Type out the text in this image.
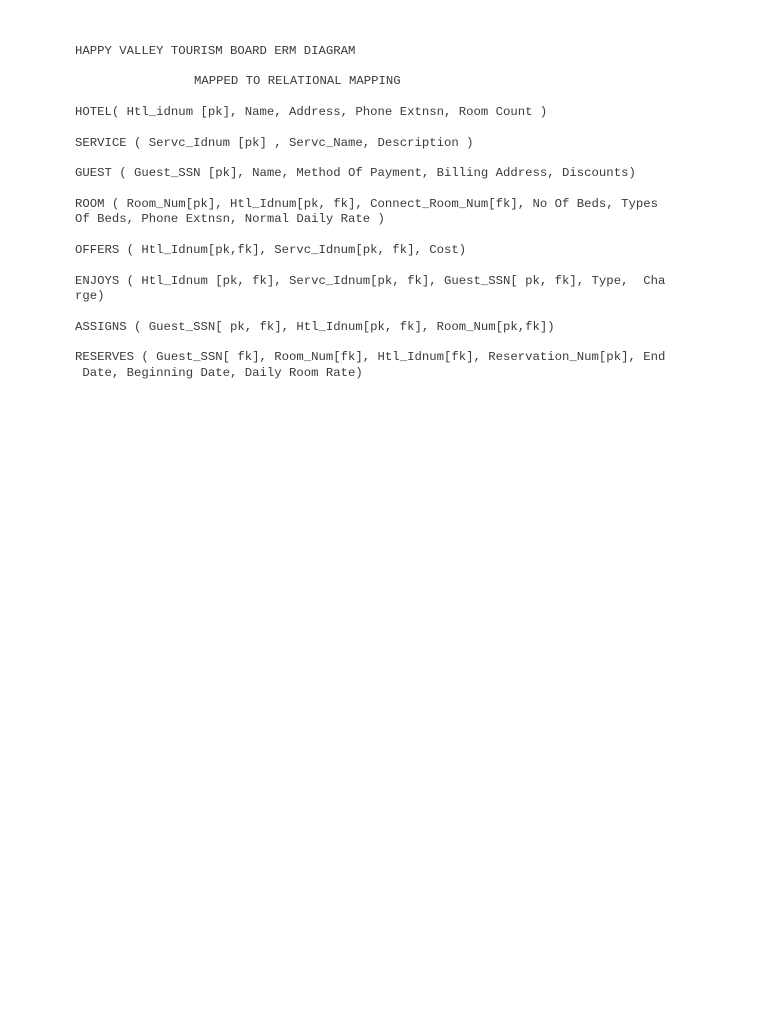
HAPPY VALLEY TOURISM BOARD ERM DIAGRAM

MAPPED TO RELATIONAL MAPPING

HOTEL( Htl_idnum [pk], Name, Address, Phone Extnsn, Room Count )

SERVICE ( Servc_Idnum [pk] , Servc_Name, Description )

GUEST ( Guest_SSN [pk], Name, Method Of Payment, Billing Address, Discounts)

ROOM ( Room_Num[pk], Htl_Idnum[pk, fk], Connect_Room_Num[fk], No Of Beds, Types

Of Beds, Phone Extnsn, Normal Daily Rate )

OFFERS ( Htl_Idnum[pk,fk], Servc_Idnum[pk, fk], Cost)

ENJOYS ( Htl_Idnum [pk, fk], Servc_Idnum[pk, fk], Guest_SSN[ pk, fk], Type,  Cha

rge)

ASSIGNS ( Guest_SSN[ pk, fk], Htl_Idnum[pk, fk], Room_Num[pk,fk])

RESERVES ( Guest_SSN[ fk], Room_Num[fk], Htl_Idnum[fk], Reservation_Num[pk], End

Date, Beginning Date, Daily Room Rate)
